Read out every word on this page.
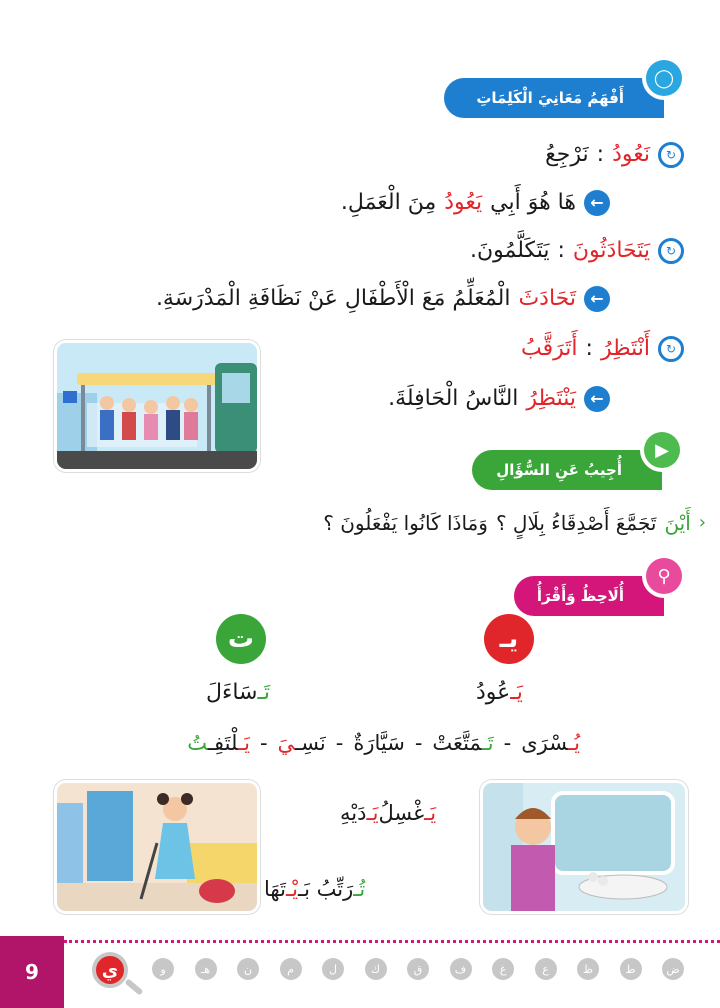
أَفْهَمُ مَعَانِيَ الْكَلِمَاتِ
◯
↻
نَعُودُ
:
نَرْجِعُ
←
هَا هُوَ أَبِي
يَعُودُ
مِنَ الْعَمَلِ.
↻
يَتَحَادَثُونَ
:
يَتَكَلَّمُونَ.
←
تَحَادَثَ
الْمُعَلِّمُ مَعَ الْأَطْفَالِ عَنْ نَظَافَةِ الْمَدْرَسَةِ.
↻
أَنْتَظِرُ
:
أَتَرَقَّبُ
←
يَنْتَظِرُ
النَّاسُ الْحَافِلَةَ.
أُجِيبُ عَنِ السُّؤَالِ
▶
‹
أَيْنَ
تَجَمَّعَ أَصْدِقَاءُ بِلَالٍ ؟
وَمَاذَا كَانُوا يَفْعَلُونَ ؟
أُلَاحِظُ وَأَقْرَأُ
⚲
يـ
ت
يَـ
عُودُ
تَـ
سَاءَلَ
يُـسْرَى
-
تَـمَتَّعَتْ
-
سَيَّارَةٌ
-
نَسِـيَ
-
يَـلْتَفِـتُ
يَـ
غْسِلُ
يَـ
دَيْهِ
تُـ
رَتِّبُ بَـ
يْـ
تَهَا
9	ي	و	هـ	ن	م	ل	ك	ق	ف	غ	ع	ظ	ط	ض
